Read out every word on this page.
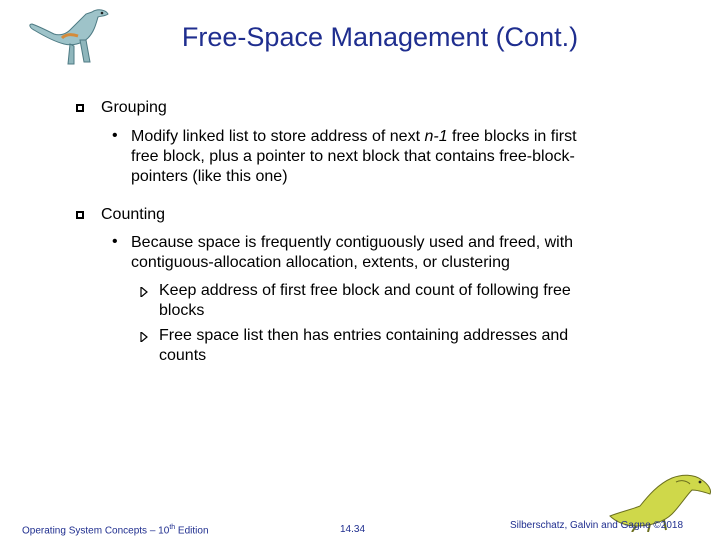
Free-Space Management (Cont.)
Grouping
• Modify linked list to store address of next n-1 free blocks in first
free block, plus a pointer to next block that contains free-block-
pointers (like this one)
Counting
• Because space is frequently contiguously used and freed, with
contiguous-allocation allocation, extents, or clustering
Keep address of first free block and count of following free
blocks
Free space list then has entries containing addresses and
counts
Operating System Concepts – 10th Edition	14.34	Silberschatz, Galvin and Gagne ©2018
